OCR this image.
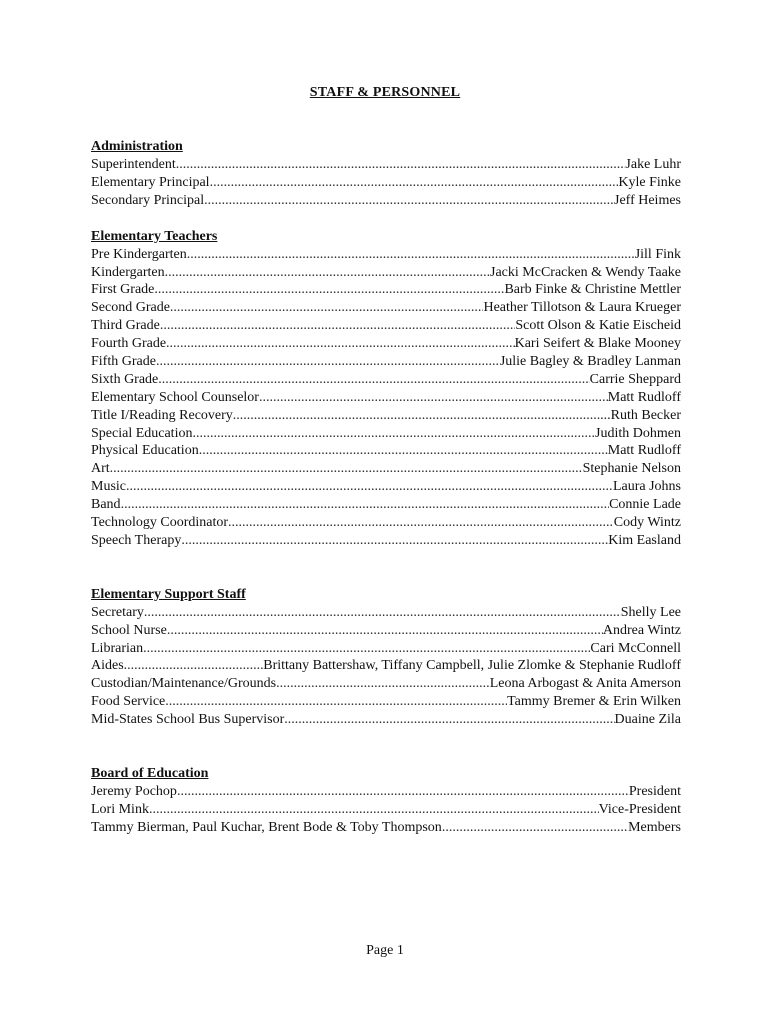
STAFF & PERSONNEL
Administration
Superintendent .....	Jake Luhr
Elementary Principal .....	Kyle Finke
Secondary Principal .....	Jeff Heimes
Elementary Teachers
Pre Kindergarten .....	Jill Fink
Kindergarten .....	Jacki McCracken & Wendy Taake
First Grade .....	Barb Finke & Christine Mettler
Second Grade .....	Heather Tillotson & Laura Krueger
Third Grade .....	Scott Olson & Katie Eischeid
Fourth Grade .....	Kari Seifert & Blake Mooney
Fifth Grade .....	Julie Bagley & Bradley Lanman
Sixth Grade .....	Carrie Sheppard
Elementary School Counselor .....	Matt Rudloff
Title I/Reading Recovery .....	...Ruth Becker
Special Education .....	Judith Dohmen
Physical Education .....	Matt Rudloff
Art .....	Stephanie Nelson
Music .....	Laura Johns
Band .....	Connie Lade
Technology Coordinator .....	Cody Wintz
Speech Therapy .....	Kim Easland
Elementary Support Staff
Secretary .....	Shelly Lee
School Nurse .....	Andrea Wintz
Librarian .....	Cari McConnell
Aides .....	Brittany Battershaw, Tiffany Campbell, Julie Zlomke & Stephanie Rudloff
Custodian/Maintenance/Grounds .....	Leona Arbogast & Anita Amerson
Food Service .....	Tammy Bremer & Erin Wilken
Mid-States School Bus Supervisor .....	Duaine Zila
Board of Education
Jeremy Pochop .....	President
Lori Mink .....	Vice-President
Tammy Bierman, Paul Kuchar, Brent Bode & Toby Thompson .....	Members
Page 1
